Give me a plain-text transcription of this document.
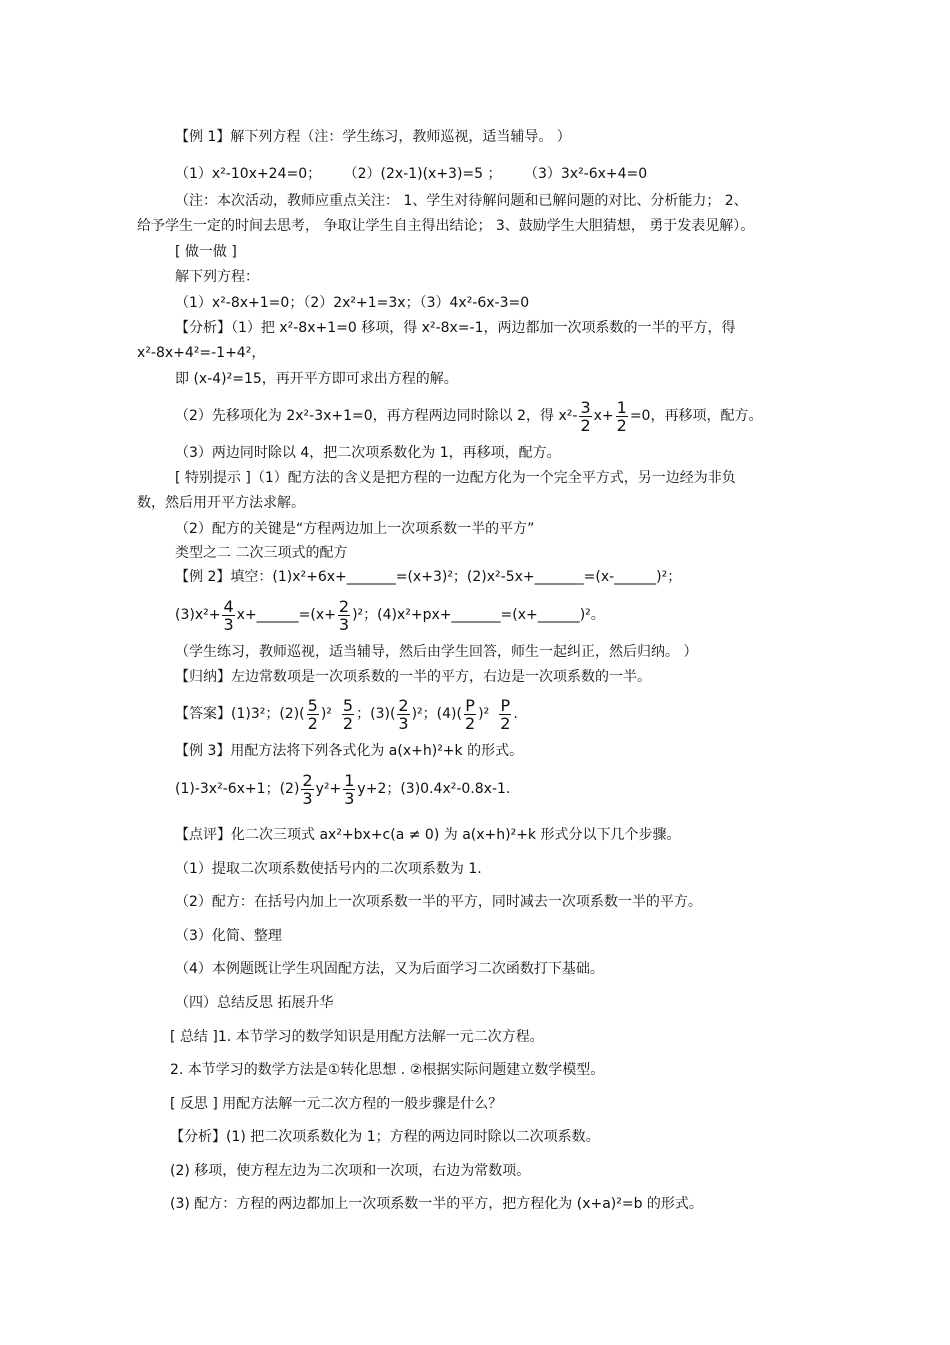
【例 1】解下列方程（注：学生练习，教师巡视，适当辅导。 ）
（1）x²-10x+24=0； （2）(2x-1)(x+3)=5 ； （3）3x²-6x+4=0
（注：本次活动，教师应重点关注： 1、学生对待解问题和已解问题的对比、分析能力； 2、
给予学生一定的时间去思考， 争取让学生自主得出结论； 3、鼓励学生大胆猜想， 勇于发表见解）。
[ 做一做 ]
解下列方程：
（1）x²-8x+1=0；（2）2x²+1=3x；（3）4x²-6x-3=0
【分析】（1）把 x²-8x+1=0 移项，得 x²-8x=-1，两边都加一次项系数的一半的平方，得
x²-8x+4²=-1+4²，
即 (x-4)²=15，再开平方即可求出方程的解。
（2）先移项化为 2x²-3x+1=0，再方程两边同时除以 2，得 $x^2- \frac{3}{2} x+ \frac{1}{2} =0$，再移项，配方。
（3）两边同时除以 4，把二次项系数化为 1，再移项，配方。
[ 特别提示 ]（1）配方法的含义是把方程的一边配方化为一个完全平方式，另一边经为非负
数，然后用开平方法求解。
（2）配方的关键是“方程两边加上一次项系数一半的平方”
类型之二 二次三项式的配方
【例 2】填空：(1)x²+6x+_______=(x+3)²；(2)x²-5x+_______=(x-______)²；
$(3)x^2+ \frac{4}{3}$ x+______=(x+ $\frac{2}{3} )^2$；(4)x²+px+_______=(x+______)²。
（学生练习，教师巡视，适当辅导，然后由学生回答，师生一起纠正，然后归纳。 ）
【归纳】左边常数项是一次项系数的一半的平方，右边是一次项系数的一半。
【答案】(1)3²；$(2)( \frac{5}{2} )^2 \frac{5}{2}$ ；$(3)( \frac{2}{3} )^2$；$(4)( \frac{P}{2} )^2 \frac{P}{2}$ .
【例 3】用配方法将下列各式化为 a(x+h)²+k 的形式。
(1)-3x²-6x+1；$(2) \frac{2}{3} y^2+ \frac{1}{3} y+2$；(3)0.4x²-0.8x-1.
【点评】化二次三项式 ax²+bx+c(a ≠ 0) 为 a(x+h)²+k 形式分以下几个步骤。
（1）提取二次项系数使括号内的二次项系数为 1.
（2）配方：在括号内加上一次项系数一半的平方，同时减去一次项系数一半的平方。
（3）化简、整理
（4）本例题既让学生巩固配方法，又为后面学习二次函数打下基础。
（四）总结反思 拓展升华
[ 总结 ]1. 本节学习的数学知识是用配方法解一元二次方程。
2. 本节学习的数学方法是①转化思想 . ②根据实际问题建立数学模型。
[ 反思 ] 用配方法解一元二次方程的一般步骤是什么？
【分析】(1) 把二次项系数化为 1；方程的两边同时除以二次项系数。
(2) 移项，使方程左边为二次项和一次项，右边为常数项。
(3) 配方：方程的两边都加上一次项系数一半的平方，把方程化为 (x+a)²=b 的形式。
